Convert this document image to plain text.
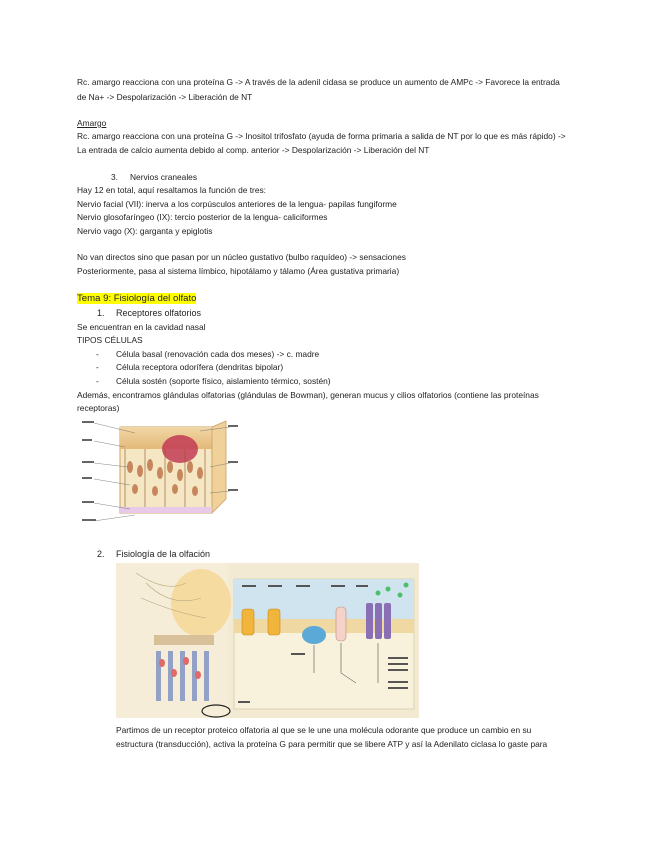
Rc. amargo reacciona con una proteína G -> A través de la adenil cidasa se produce un aumento de AMPc -> Favorece la entrada
de Na+ -> Despolarización -> Liberación de NT
Amargo
Rc. amargo reacciona con una proteína G -> Inositol trifosfato (ayuda de forma primaria a salida de NT por lo que es más rápido) ->
La entrada de calcio aumenta debido al comp. anterior -> Despolarización -> Liberación del NT
3. Nervios craneales
Hay 12 en total, aquí resaltamos la función de tres:
Nervio facial (VII): inerva a los corpúsculos anteriores de la lengua- papilas fungiforme
Nervio glosofaríngeo (IX): tercio posterior de la lengua- caliciformes
Nervio vago (X): garganta y epiglotis
No van directos sino que pasan por un núcleo gustativo (bulbo raquídeo) -> sensaciones
Posteriormente, pasa al sistema límbico, hipotálamo y tálamo (Área gustativa primaria)
Tema 9: Fisiología del olfato
1. Receptores olfatorios
Se encuentran en la cavidad nasal
TIPOS CÉLULAS
- Célula basal (renovación cada dos meses) -> c. madre
- Célula receptora odorífera (dendritas bipolar)
- Célula sostén (soporte físico, aislamiento térmico, sostén)
Además, encontramos glándulas olfatorias (glándulas de Bowman), generan mucus y cilios olfatorios (contiene las proteínas
receptoras)
2. Fisiología de la olfación
Partimos de un receptor proteico olfatoria al que se le une una molécula odorante que produce un cambio en su
estructura (transducción), activa la proteína G para permitir que se libere ATP y así la Adenilato ciclasa lo gaste para
